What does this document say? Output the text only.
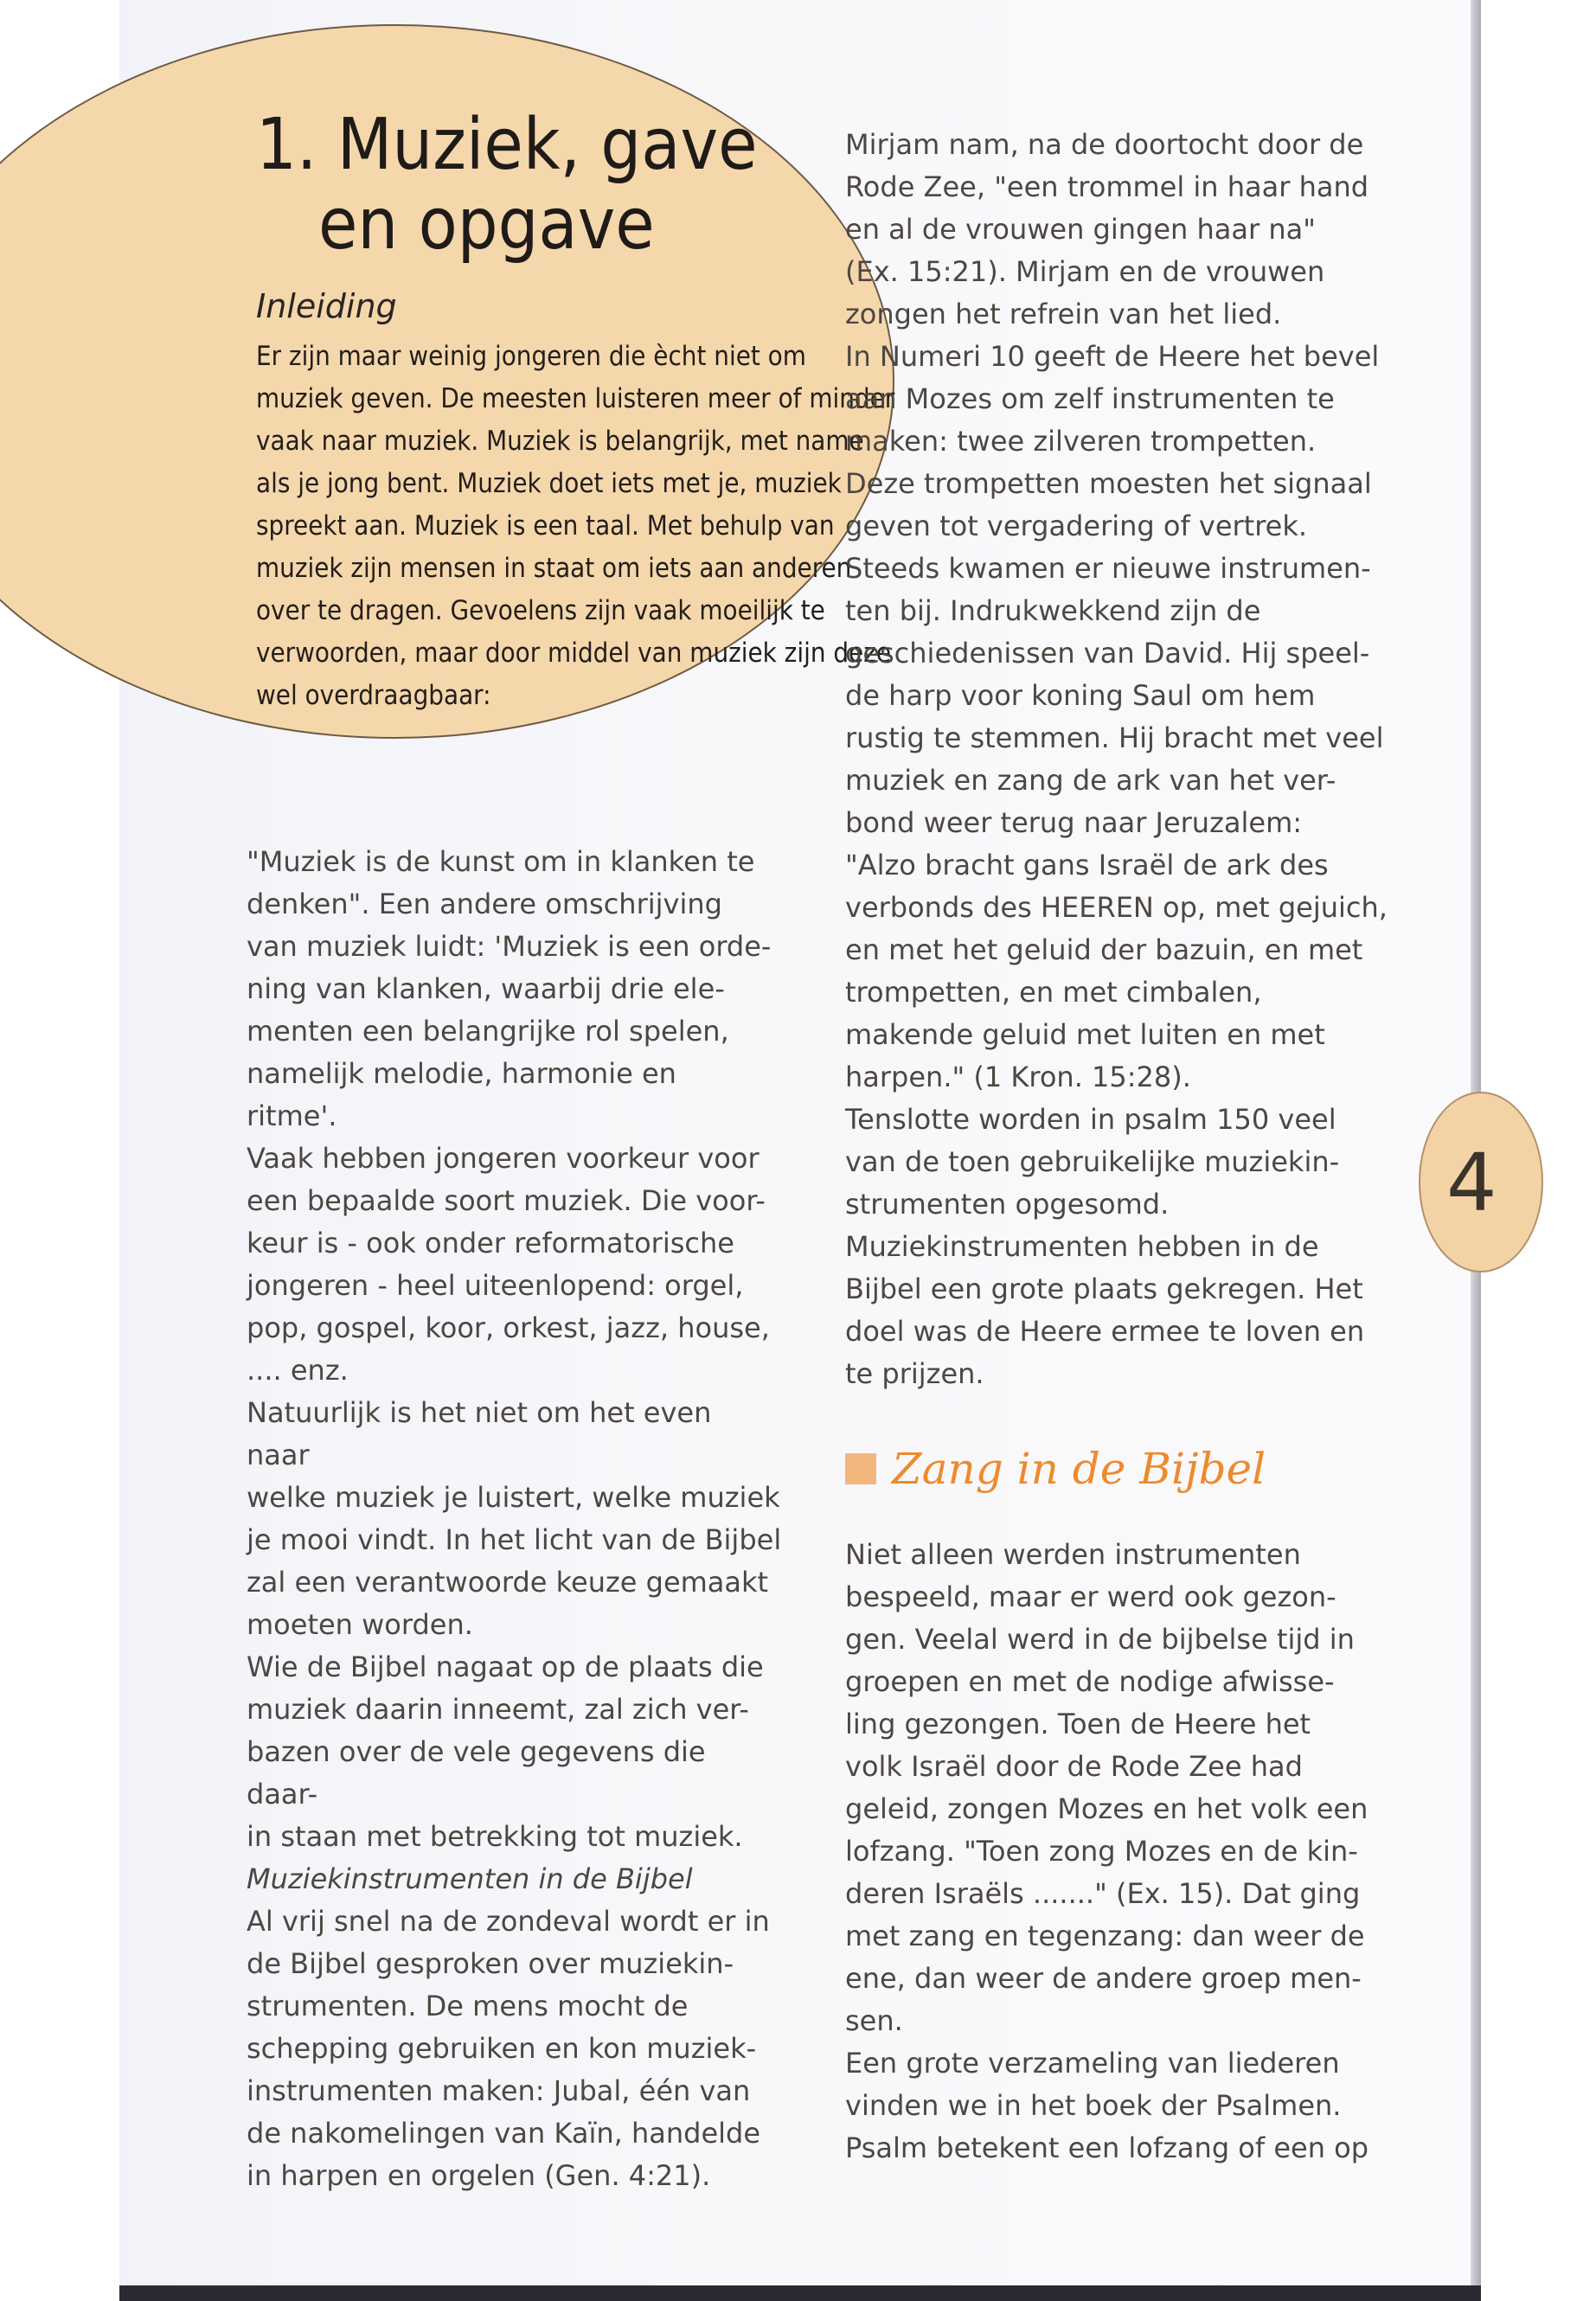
1. Muziek, gave

en opgave
Inleiding

Er zijn maar weinig jongeren die ècht niet om muziek geven. De meesten luisteren meer of minder vaak naar muziek. Muziek is belangrijk, met name als je jong bent. Muziek doet iets met je, muziek spreekt aan. Muziek is een taal. Met behulp van muziek zijn mensen in staat om iets aan anderen over te dragen. Gevoelens zijn vaak moeilijk te verwoorden, maar door middel van muziek zijn deze wel overdraagbaar:

"Muziek is de kunst om in klanken te
denken". Een andere omschrijving
van muziek luidt: 'Muziek is een orde-
ning van klanken, waarbij drie ele-
menten een belangrijke rol spelen,
namelijk melodie, harmonie en
ritme'.

Vaak hebben jongeren voorkeur voor
een bepaalde soort muziek. Die voor-
keur is - ook onder reformatorische
jongeren - heel uiteenlopend: orgel,
pop, gospel, koor, orkest, jazz, house,
.... enz.

Natuurlijk is het niet om het even naar
welke muziek je luistert, welke muziek
je mooi vindt. In het licht van de Bijbel
zal een verantwoorde keuze gemaakt
moeten worden.

Wie de Bijbel nagaat op de plaats die
muziek daarin inneemt, zal zich ver-
bazen over de vele gegevens die daar-
in staan met betrekking tot muziek.

Muziekinstrumenten in de Bijbel

Al vrij snel na de zondeval wordt er in
de Bijbel gesproken over muziekin-
strumenten. De mens mocht de
schepping gebruiken en kon muziek-
instrumenten maken: Jubal, één van
de nakomelingen van Kaïn, handelde
in harpen en orgelen (Gen. 4:21).

Mirjam nam, na de doortocht door de
Rode Zee, "een trommel in haar hand
en al de vrouwen gingen haar na"
(Ex. 15:21). Mirjam en de vrouwen
zongen het refrein van het lied.

In Numeri 10 geeft de Heere het bevel
aan Mozes om zelf instrumenten te
maken: twee zilveren trompetten.
Deze trompetten moesten het signaal
geven tot vergadering of vertrek.
Steeds kwamen er nieuwe instrumen-
ten bij. Indrukwekkend zijn de
geschiedenissen van David. Hij speel-
de harp voor koning Saul om hem
rustig te stemmen. Hij bracht met veel
muziek en zang de ark van het ver-
bond weer terug naar Jeruzalem:
"Alzo bracht gans Israël de ark des
verbonds des HEEREN op, met gejuich,
en met het geluid der bazuin, en met
trompetten, en met cimbalen,
makende geluid met luiten en met
harpen." (1 Kron. 15:28).

Tenslotte worden in psalm 150 veel
van de toen gebruikelijke muziekin-
strumenten opgesomd.

Muziekinstrumenten hebben in de
Bijbel een grote plaats gekregen. Het
doel was de Heere ermee te loven en
te prijzen.

Zang in de Bijbel

Niet alleen werden instrumenten
bespeeld, maar er werd ook gezon-
gen. Veelal werd in de bijbelse tijd in
groepen en met de nodige afwisse-
ling gezongen. Toen de Heere het
volk Israël door de Rode Zee had
geleid, zongen Mozes en het volk een
lofzang. "Toen zong Mozes en de kin-
deren Israëls ......." (Ex. 15). Dat ging
met zang en tegenzang: dan weer de
ene, dan weer de andere groep men-
sen.

Een grote verzameling van liederen
vinden we in het boek der Psalmen.
Psalm betekent een lofzang of een op

4
